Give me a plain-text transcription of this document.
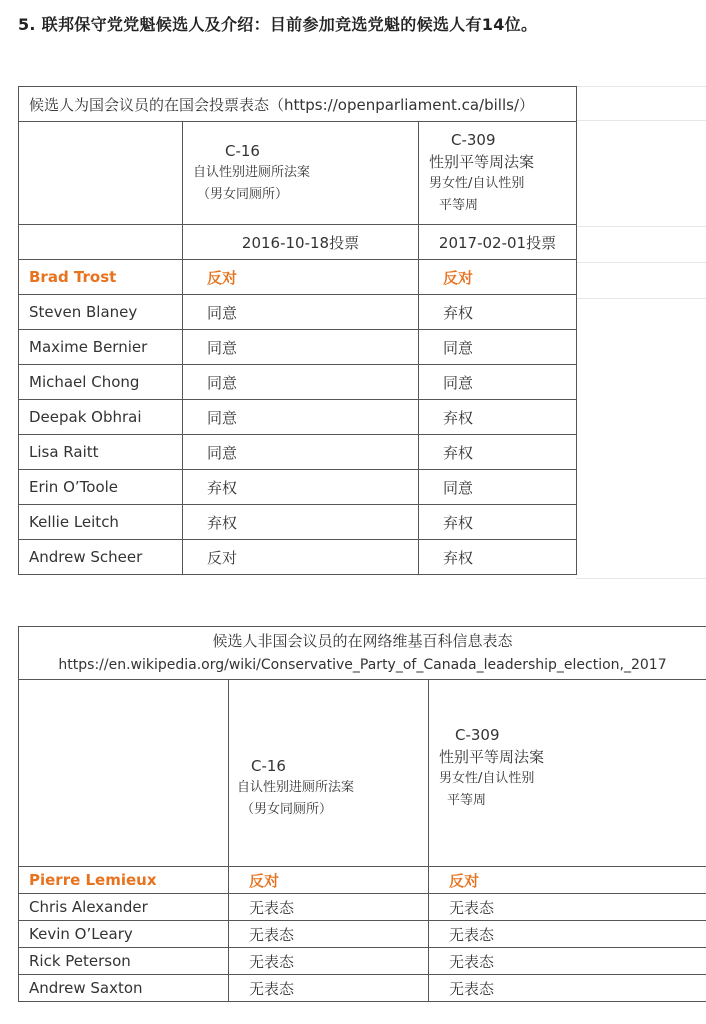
5. 联邦保守党党魁候选人及介绍：目前参加竞选党魁的候选人有14位。
候选人为国会议员的在国会投票表态（https://openparliament.ca/bills/）		

	C-16
自认性别进厕所法案
（男女同厕所）	C-309
性别平等周法案
男女性/自认性别
平等周

	2016-10-18投票	2017-02-01投票
Brad Trost	反对	反对
Steven Blaney	同意	弃权
Maxime Bernier	同意	同意
Michael Chong	同意	同意
Deepak Obhrai	同意	弃权
Lisa Raitt	同意	弃权
Erin O’Toole	弃权	同意
Kellie Leitch	弃权	弃权
Andrew Scheer	反对	弃权
候选人非国会议员的在网络维基百科信息表态
https://en.wikipedia.org/wiki/Conservative_Party_of_Canada_leadership_election,_2017		

	C-16
自认性别进厕所法案
（男女同厕所）	C-309
性别平等周法案
男女性/自认性别
平等周

Pierre Lemieux	反对	反对
Chris Alexander	无表态	无表态
Kevin O’Leary	无表态	无表态
Rick Peterson	无表态	无表态
Andrew Saxton	无表态	无表态
